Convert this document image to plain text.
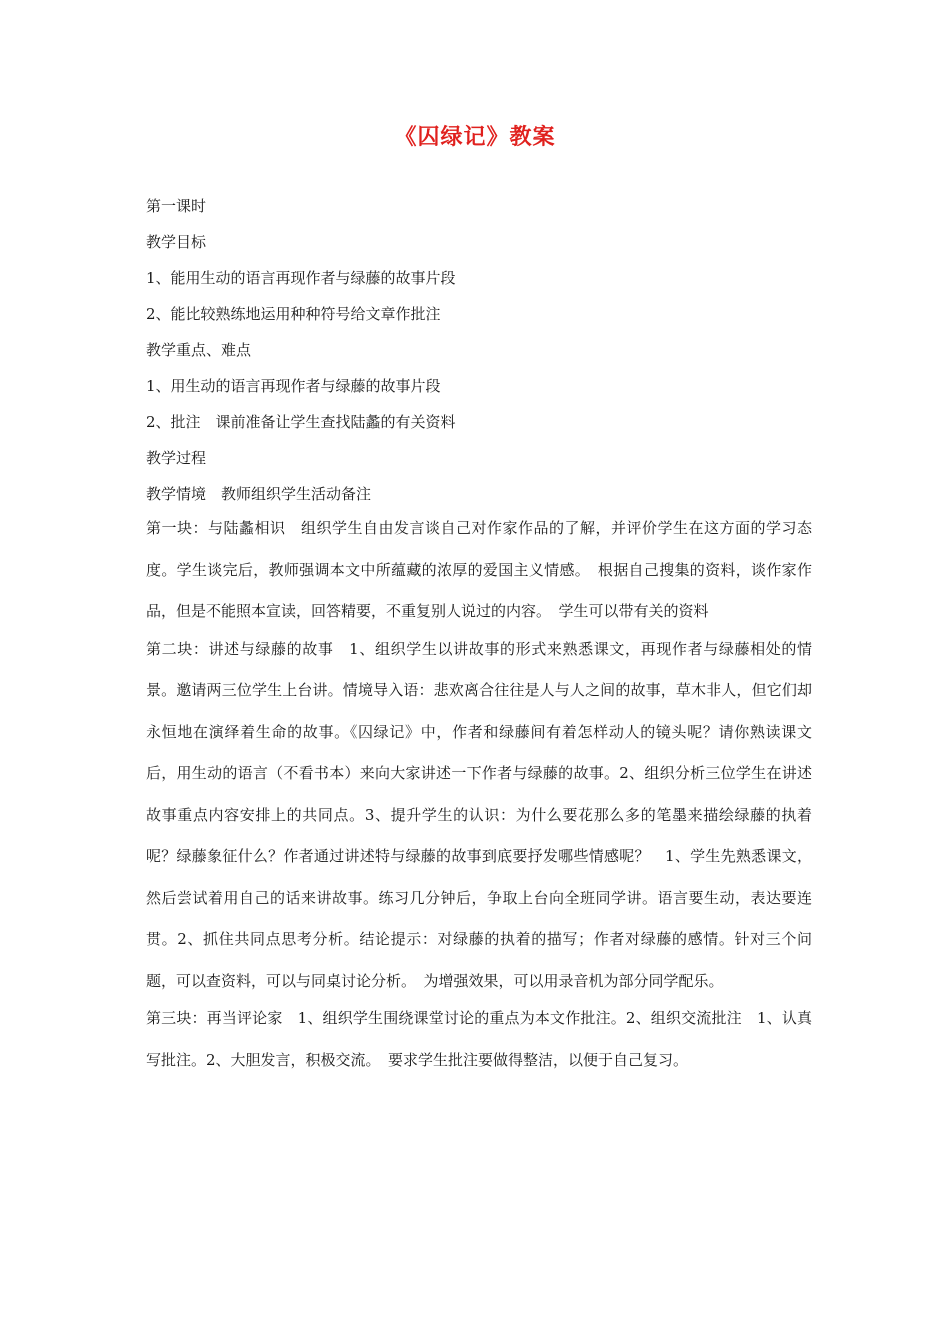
《囚绿记》教案

第一课时

教学目标

1、能用生动的语言再现作者与绿藤的故事片段

2、能比较熟练地运用种种符号给文章作批注

教学重点、难点

1、用生动的语言再现作者与绿藤的故事片段

2、批注　课前准备让学生查找陆蠡的有关资料

教学过程

教学情境　教师组织学生活动备注

第一块：与陆蠡相识　组织学生自由发言谈自己对作家作品的了解，并评价学生在这方面的学习态度。学生谈完后，教师强调本文中所蕴藏的浓厚的爱国主义情感。　根据自己搜集的资料，谈作家作品，但是不能照本宣读，回答精要，不重复别人说过的内容。　学生可以带有关的资料

第二块：讲述与绿藤的故事　1、组织学生以讲故事的形式来熟悉课文，再现作者与绿藤相处的情景。邀请两三位学生上台讲。情境导入语：悲欢离合往往是人与人之间的故事，草木非人，但它们却永恒地在演绎着生命的故事。《囚绿记》中，作者和绿藤间有着怎样动人的镜头呢？请你熟读课文后，用生动的语言（不看书本）来向大家讲述一下作者与绿藤的故事。2、组织分析三位学生在讲述故事重点内容安排上的共同点。3、提升学生的认识：为什么要花那么多的笔墨来描绘绿藤的执着呢？绿藤象征什么？作者通过讲述特与绿藤的故事到底要抒发哪些情感呢？　1、学生先熟悉课文，然后尝试着用自己的话来讲故事。练习几分钟后，争取上台向全班同学讲。语言要生动，表达要连贯。2、抓住共同点思考分析。结论提示：对绿藤的执着的描写；作者对绿藤的感情。针对三个问题，可以查资料，可以与同桌讨论分析。　为增强效果，可以用录音机为部分同学配乐。

第三块：再当评论家　1、组织学生围绕课堂讨论的重点为本文作批注。2、组织交流批注　1、认真写批注。2、大胆发言，积极交流。　要求学生批注要做得整洁，以便于自己复习。
